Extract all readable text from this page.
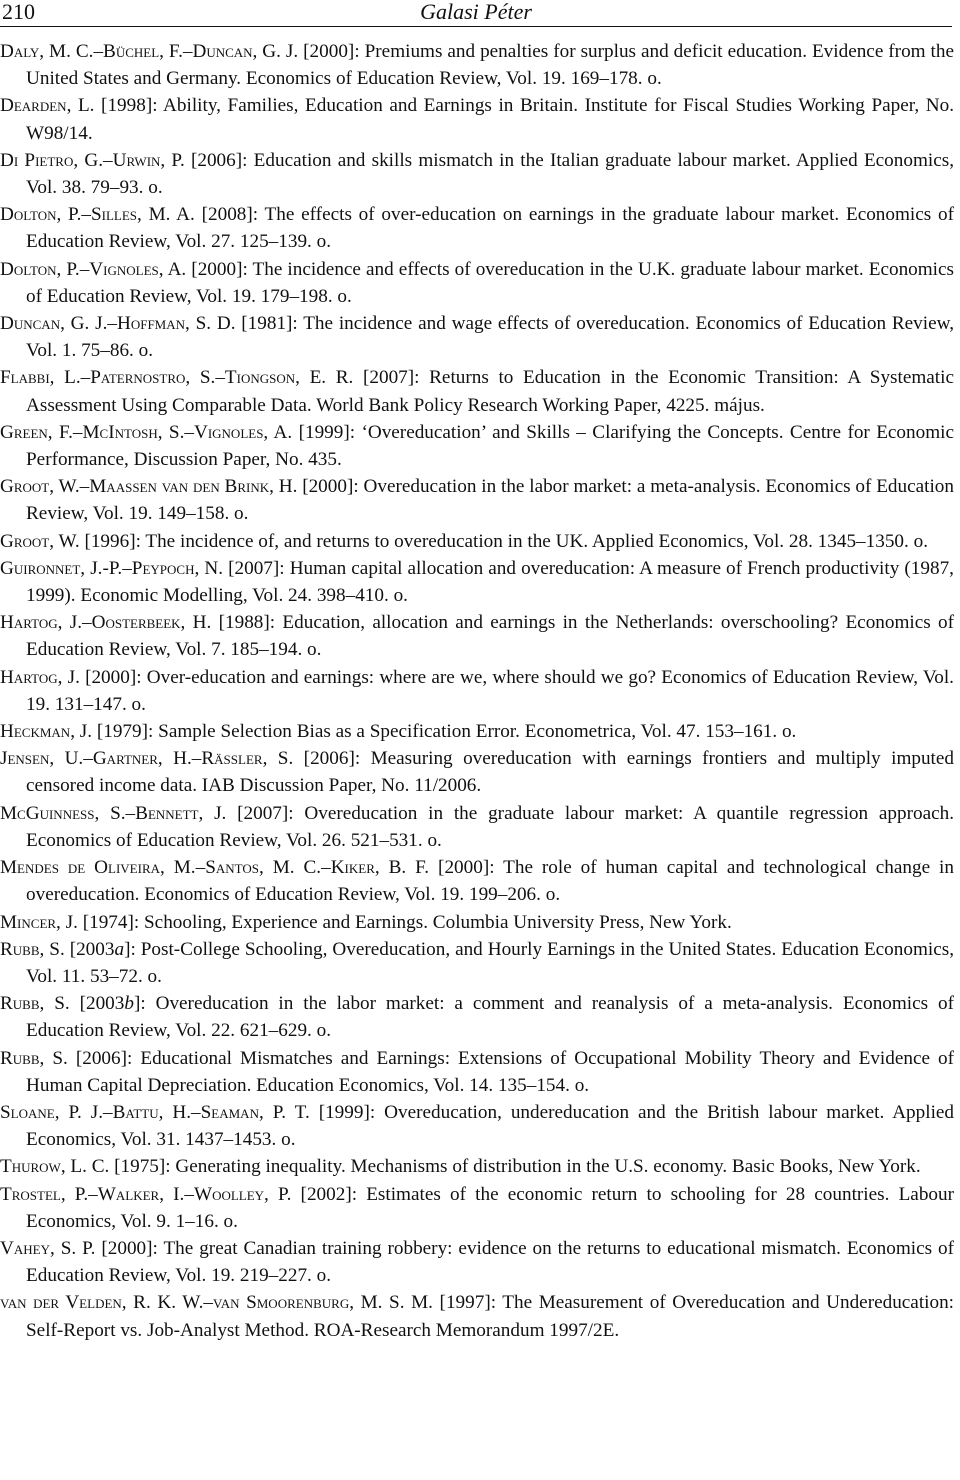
210	Galasi Péter
Daly, M. C.–Büchel, F.–Duncan, G. J. [2000]: Premiums and penalties for surplus and deficit education. Evidence from the United States and Germany. Economics of Education Review, Vol. 19. 169–178. o.
Dearden, L. [1998]: Ability, Families, Education and Earnings in Britain. Institute for Fiscal Studies Working Paper, No. W98/14.
Di Pietro, G.–Urwin, P. [2006]: Education and skills mismatch in the Italian graduate labour market. Applied Economics, Vol. 38. 79–93. o.
Dolton, P.–Silles, M. A. [2008]: The effects of over-education on earnings in the graduate labour market. Economics of Education Review, Vol. 27. 125–139. o.
Dolton, P.–Vignoles, A. [2000]: The incidence and effects of overeducation in the U.K. graduate labour market. Economics of Education Review, Vol. 19. 179–198. o.
Duncan, G. J.–Hoffman, S. D. [1981]: The incidence and wage effects of overeducation. Economics of Education Review, Vol. 1. 75–86. o.
Flabbi, L.–Paternostro, S.–Tiongson, E. R. [2007]: Returns to Education in the Economic Transition: A Systematic Assessment Using Comparable Data. World Bank Policy Research Working Paper, 4225. május.
Green, F.–McIntosh, S.–Vignoles, A. [1999]: ‘Overeducation’ and Skills – Clarifying the Concepts. Centre for Economic Performance, Discussion Paper, No. 435.
Groot, W.–Maassen van den Brink, H. [2000]: Overeducation in the labor market: a meta-analysis. Economics of Education Review, Vol. 19. 149–158. o.
Groot, W. [1996]: The incidence of, and returns to overeducation in the UK. Applied Economics, Vol. 28. 1345–1350. o.
Guironnet, J.-P.–Peypoch, N. [2007]: Human capital allocation and overeducation: A measure of French productivity (1987, 1999). Economic Modelling, Vol. 24. 398–410. o.
Hartog, J.–Oosterbeek, H. [1988]: Education, allocation and earnings in the Netherlands: overschooling? Economics of Education Review, Vol. 7. 185–194. o.
Hartog, J. [2000]: Over-education and earnings: where are we, where should we go? Economics of Education Review, Vol. 19. 131–147. o.
Heckman, J. [1979]: Sample Selection Bias as a Specification Error. Econometrica, Vol. 47. 153–161. o.
Jensen, U.–Gartner, H.–Rässler, S. [2006]: Measuring overeducation with earnings frontiers and multiply imputed censored income data. IAB Discussion Paper, No. 11/2006.
McGuinness, S.–Bennett, J. [2007]: Overeducation in the graduate labour market: A quantile regression approach. Economics of Education Review, Vol. 26. 521–531. o.
Mendes de Oliveira, M.–Santos, M. C.–Kiker, B. F. [2000]: The role of human capital and technological change in overeducation. Economics of Education Review, Vol. 19. 199–206. o.
Mincer, J. [1974]: Schooling, Experience and Earnings. Columbia University Press, New York.
Rubb, S. [2003a]: Post-College Schooling, Overeducation, and Hourly Earnings in the United States. Education Economics, Vol. 11. 53–72. o.
Rubb, S. [2003b]: Overeducation in the labor market: a comment and reanalysis of a meta-analysis. Economics of Education Review, Vol. 22. 621–629. o.
Rubb, S. [2006]: Educational Mismatches and Earnings: Extensions of Occupational Mobility Theory and Evidence of Human Capital Depreciation. Education Economics, Vol. 14. 135–154. o.
Sloane, P. J.–Battu, H.–Seaman, P. T. [1999]: Overeducation, undereducation and the British labour market. Applied Economics, Vol. 31. 1437–1453. o.
Thurow, L. C. [1975]: Generating inequality. Mechanisms of distribution in the U.S. economy. Basic Books, New York.
Trostel, P.–Walker, I.–Woolley, P. [2002]: Estimates of the economic return to schooling for 28 countries. Labour Economics, Vol. 9. 1–16. o.
Vahey, S. P. [2000]: The great Canadian training robbery: evidence on the returns to educational mismatch. Economics of Education Review, Vol. 19. 219–227. o.
van der Velden, R. K. W.–van Smoorenburg, M. S. M. [1997]: The Measurement of Overeducation and Undereducation: Self-Report vs. Job-Analyst Method. ROA-Research Memorandum 1997/2E.
